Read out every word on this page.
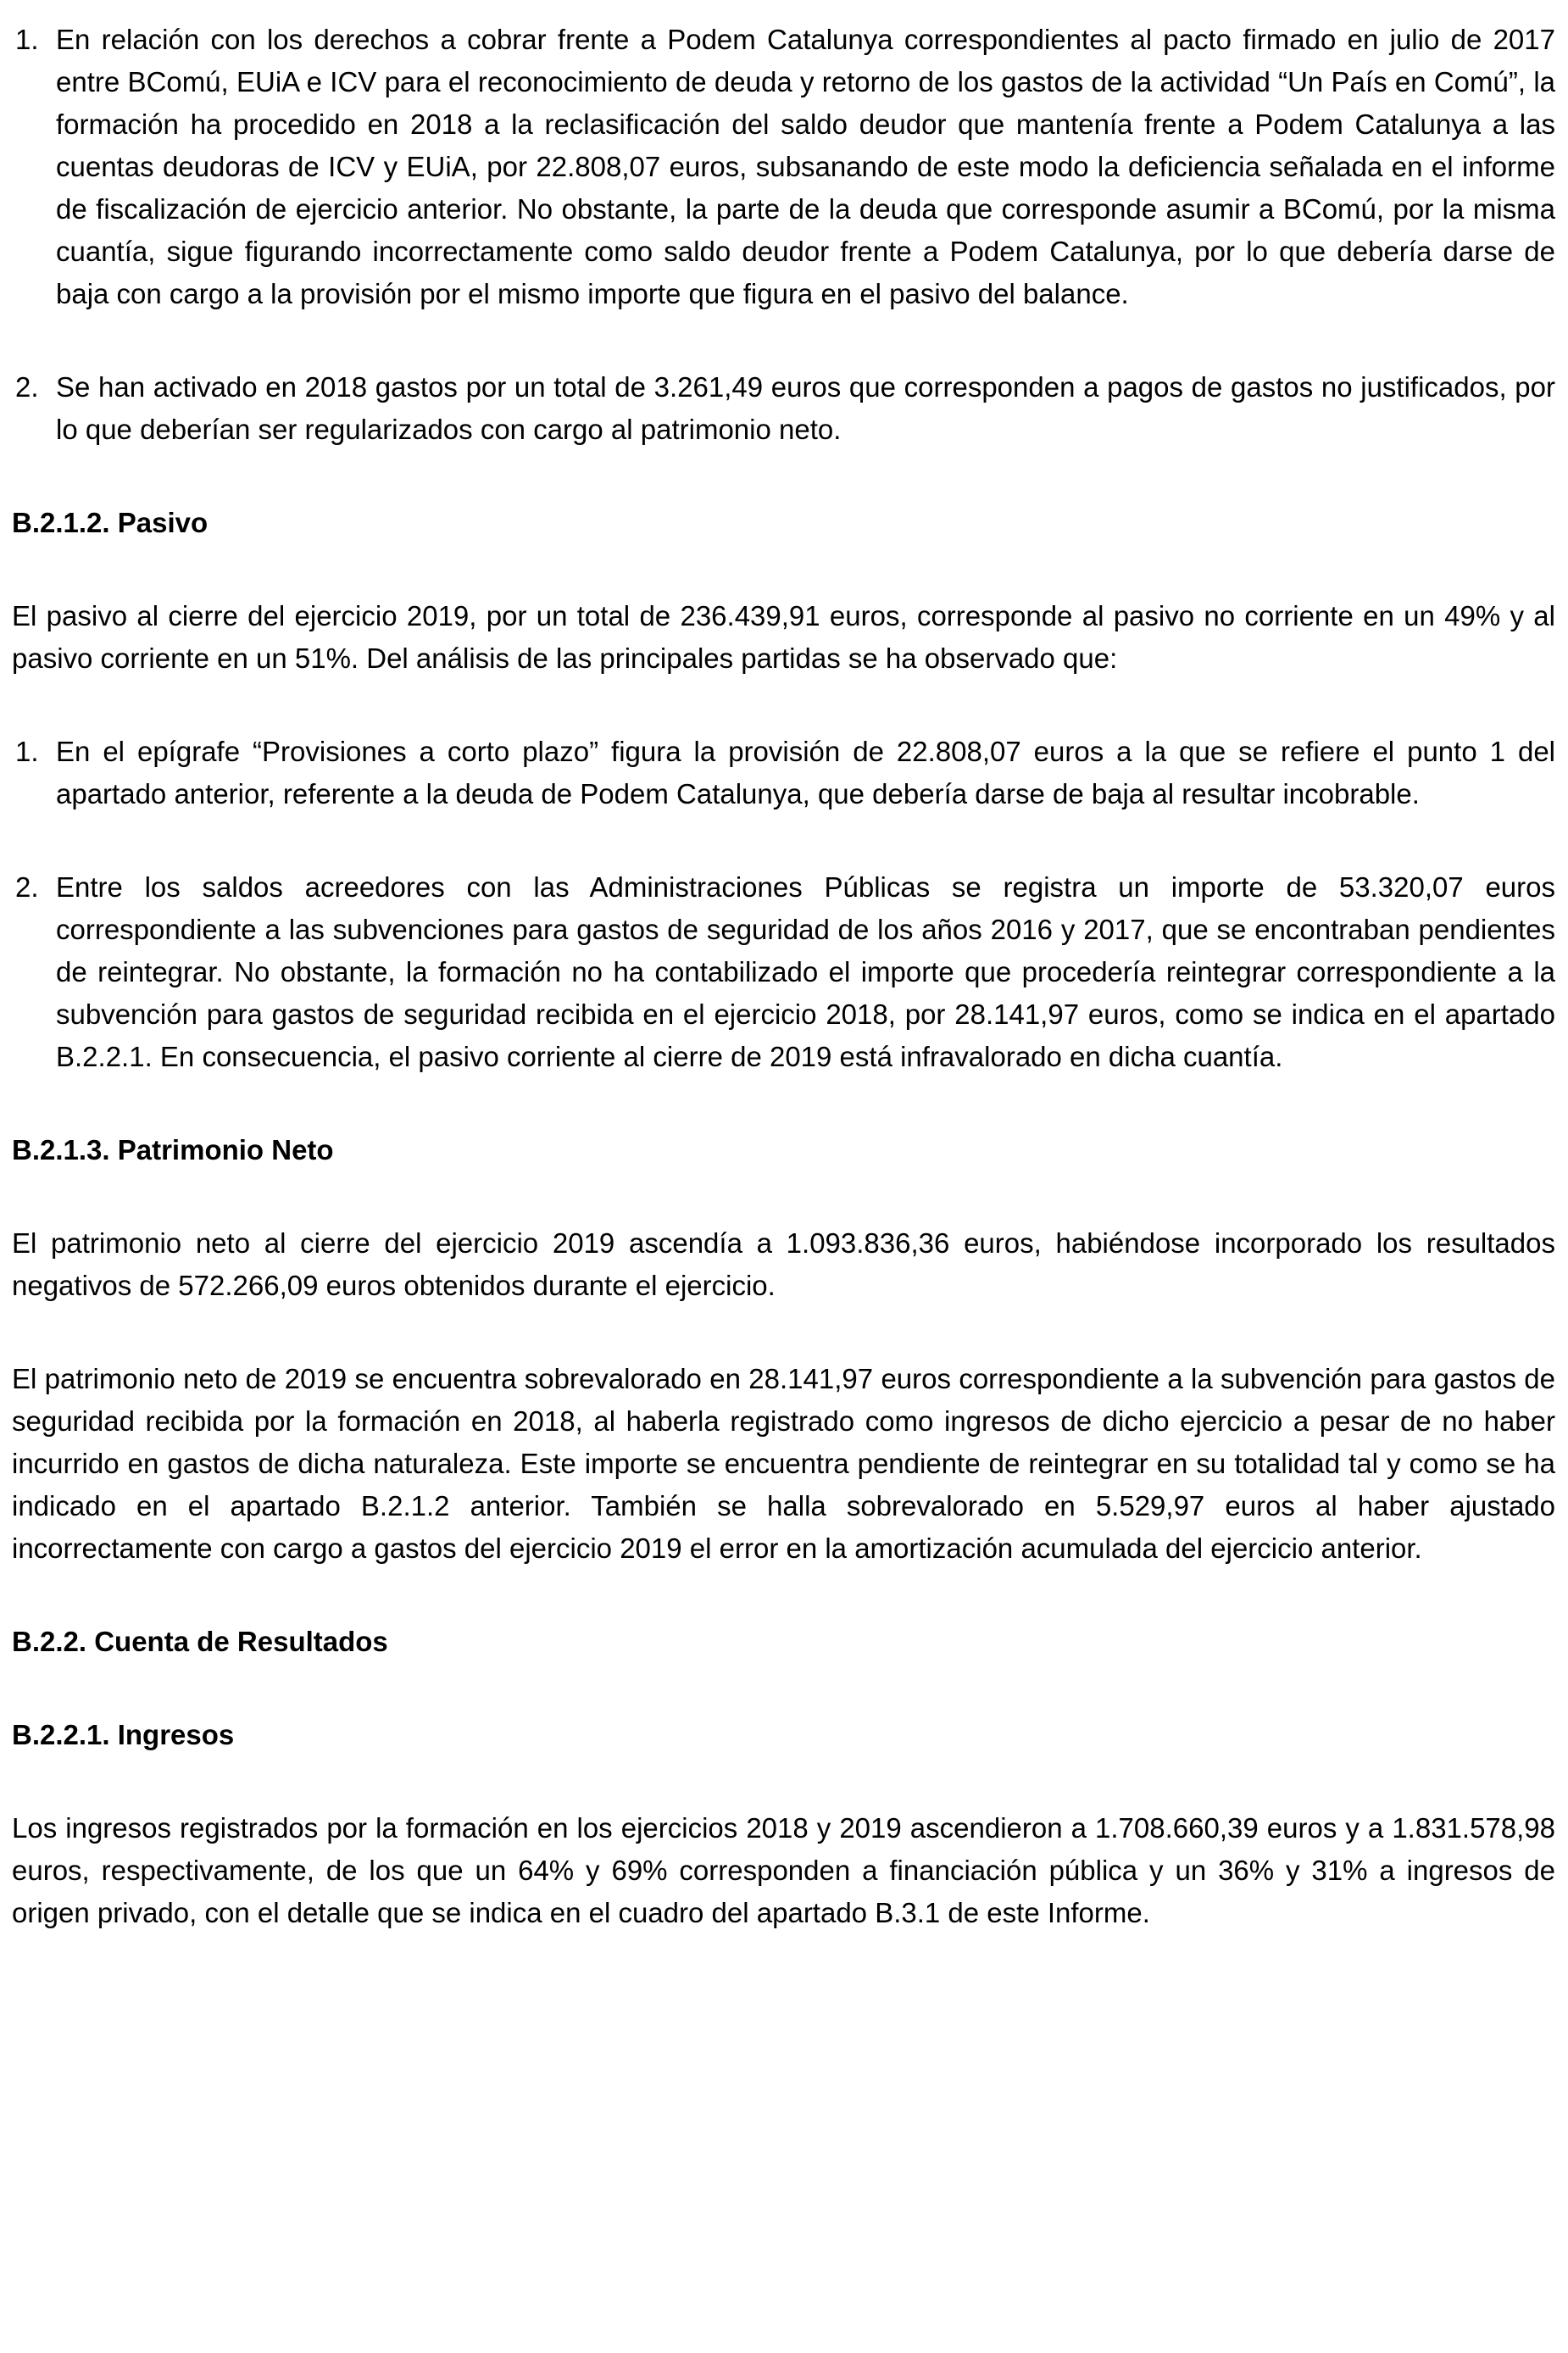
1. En relación con los derechos a cobrar frente a Podem Catalunya correspondientes al pacto firmado en julio de 2017 entre BComú, EUiA e ICV para el reconocimiento de deuda y retorno de los gastos de la actividad “Un País en Comú”, la formación ha procedido en 2018 a la reclasificación del saldo deudor que mantenía frente a Podem Catalunya a las cuentas deudoras de ICV y EUiA, por 22.808,07 euros, subsanando de este modo la deficiencia señalada en el informe de fiscalización de ejercicio anterior. No obstante, la parte de la deuda que corresponde asumir a BComú, por la misma cuantía, sigue figurando incorrectamente como saldo deudor frente a Podem Catalunya, por lo que debería darse de baja con cargo a la provisión por el mismo importe que figura en el pasivo del balance.
2. Se han activado en 2018 gastos por un total de 3.261,49 euros que corresponden a pagos de gastos no justificados, por lo que deberían ser regularizados con cargo al patrimonio neto.
B.2.1.2. Pasivo

El pasivo al cierre del ejercicio 2019, por un total de 236.439,91 euros, corresponde al pasivo no corriente en un 49% y al pasivo corriente en un 51%. Del análisis de las principales partidas se ha observado que:

1. En el epígrafe “Provisiones a corto plazo” figura la provisión de 22.808,07 euros a la que se refiere el punto 1 del apartado anterior, referente a la deuda de Podem Catalunya, que debería darse de baja al resultar incobrable.
2. Entre los saldos acreedores con las Administraciones Públicas se registra un importe de 53.320,07 euros correspondiente a las subvenciones para gastos de seguridad de los años 2016 y 2017, que se encontraban pendientes de reintegrar. No obstante, la formación no ha contabilizado el importe que procedería reintegrar correspondiente a la subvención para gastos de seguridad recibida en el ejercicio 2018, por 28.141,97 euros, como se indica en el apartado B.2.2.1. En consecuencia, el pasivo corriente al cierre de 2019 está infravalorado en dicha cuantía.
B.2.1.3. Patrimonio Neto

El patrimonio neto al cierre del ejercicio 2019 ascendía a 1.093.836,36 euros, habiéndose incorporado los resultados negativos de 572.266,09 euros obtenidos durante el ejercicio.

El patrimonio neto de 2019 se encuentra sobrevalorado en 28.141,97 euros correspondiente a la subvención para gastos de seguridad recibida por la formación en 2018, al haberla registrado como ingresos de dicho ejercicio a pesar de no haber incurrido en gastos de dicha naturaleza. Este importe se encuentra pendiente de reintegrar en su totalidad tal y como se ha indicado en el apartado B.2.1.2 anterior. También se halla sobrevalorado en 5.529,97 euros al haber ajustado incorrectamente con cargo a gastos del ejercicio 2019 el error en la amortización acumulada del ejercicio anterior.

B.2.2. Cuenta de Resultados
B.2.2.1. Ingresos

Los ingresos registrados por la formación en los ejercicios 2018 y 2019 ascendieron a 1.708.660,39 euros y a 1.831.578,98 euros, respectivamente, de los que un 64% y 69% corresponden a financiación pública y un 36% y 31% a ingresos de origen privado, con el detalle que se indica en el cuadro del apartado B.3.1 de este Informe.
